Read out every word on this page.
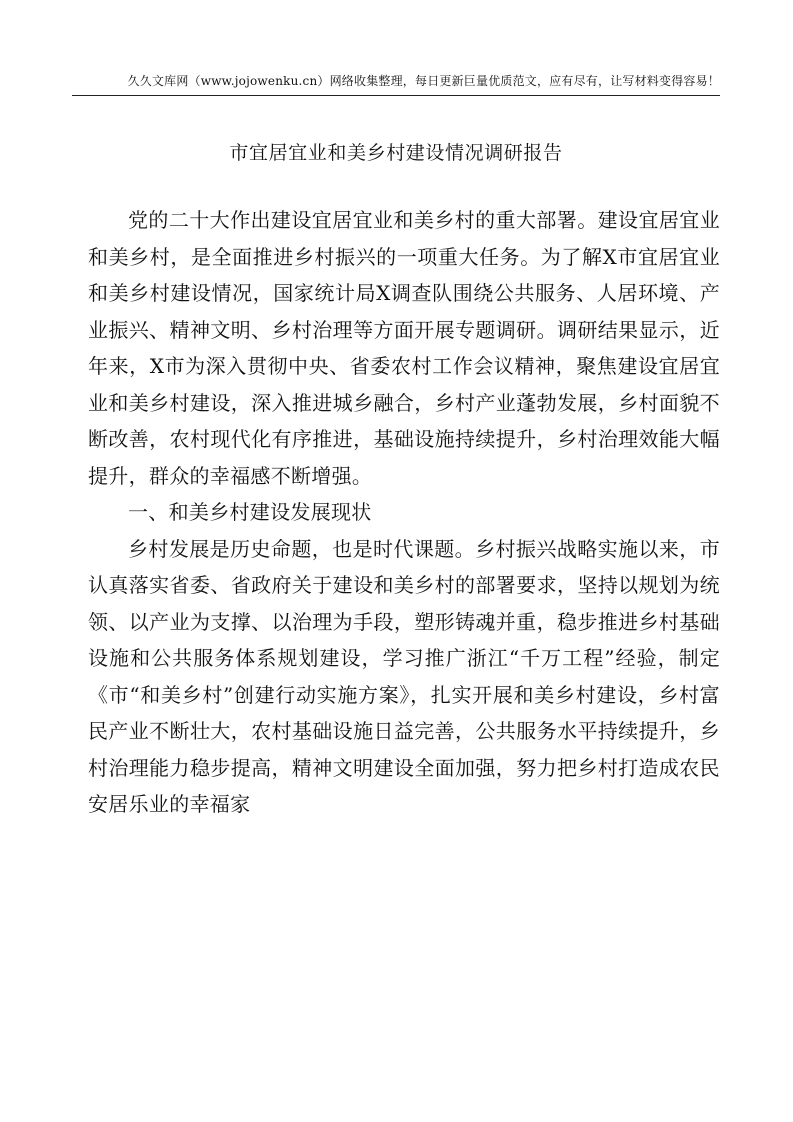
久久文库网（www.jojowenku.cn）网络收集整理，每日更新巨量优质范文，应有尽有，让写材料变得容易！
市宜居宜业和美乡村建设情况调研报告

党的二十大作出建设宜居宜业和美乡村的重大部署。建设宜居宜业和美乡村，是全面推进乡村振兴的一项重大任务。为了解X市宜居宜业和美乡村建设情况，国家统计局X调查队围绕公共服务、人居环境、产业振兴、精神文明、乡村治理等方面开展专题调研。调研结果显示，近年来，X市为深入贯彻中央、省委农村工作会议精神，聚焦建设宜居宜业和美乡村建设，深入推进城乡融合，乡村产业蓬勃发展，乡村面貌不断改善，农村现代化有序推进，基础设施持续提升，乡村治理效能大幅提升，群众的幸福感不断增强。

一、和美乡村建设发展现状

乡村发展是历史命题，也是时代课题。乡村振兴战略实施以来，市认真落实省委、省政府关于建设和美乡村的部署要求，坚持以规划为统领、以产业为支撑、以治理为手段，塑形铸魂并重，稳步推进乡村基础设施和公共服务体系规划建设，学习推广浙江“千万工程”经验，制定《市“和美乡村”创建行动实施方案》，扎实开展和美乡村建设，乡村富民产业不断壮大，农村基础设施日益完善，公共服务水平持续提升，乡村治理能力稳步提高，精神文明建设全面加强，努力把乡村打造成农民安居乐业的幸福家
